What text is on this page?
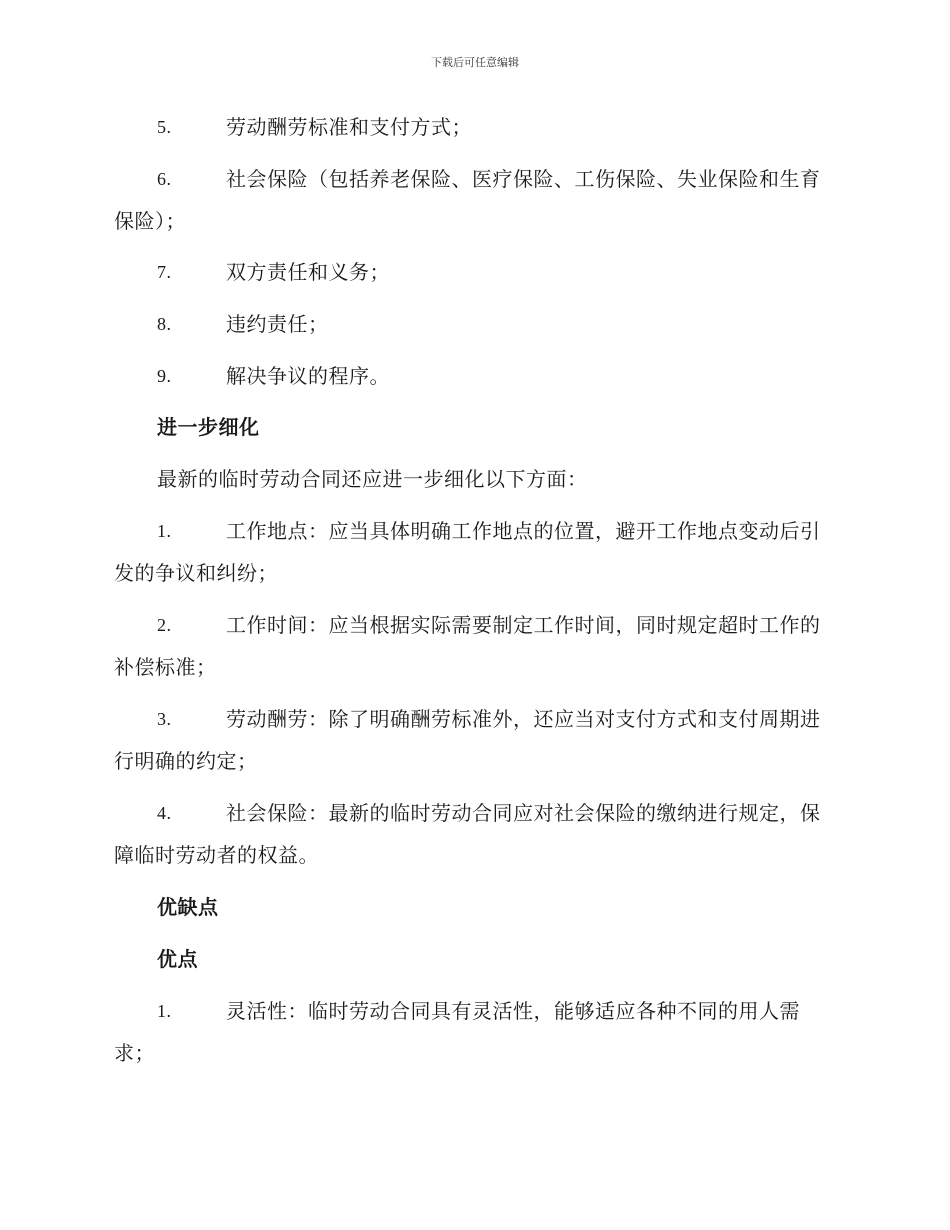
下载后可任意编辑
5.	劳动酬劳标准和支付方式；
6.	社会保险（包括养老保险、医疗保险、工伤保险、失业保险和生育保险）；
7.	双方责任和义务；
8.	违约责任；
9.	解决争议的程序。
进一步细化
最新的临时劳动合同还应进一步细化以下方面：
1.	工作地点：应当具体明确工作地点的位置，避开工作地点变动后引发的争议和纠纷；
2.	工作时间：应当根据实际需要制定工作时间，同时规定超时工作的补偿标准；
3.	劳动酬劳：除了明确酬劳标准外，还应当对支付方式和支付周期进行明确的约定；
4.	社会保险：最新的临时劳动合同应对社会保险的缴纳进行规定，保障临时劳动者的权益。
优缺点
优点
1.	灵活性：临时劳动合同具有灵活性，能够适应各种不同的用人需求；
